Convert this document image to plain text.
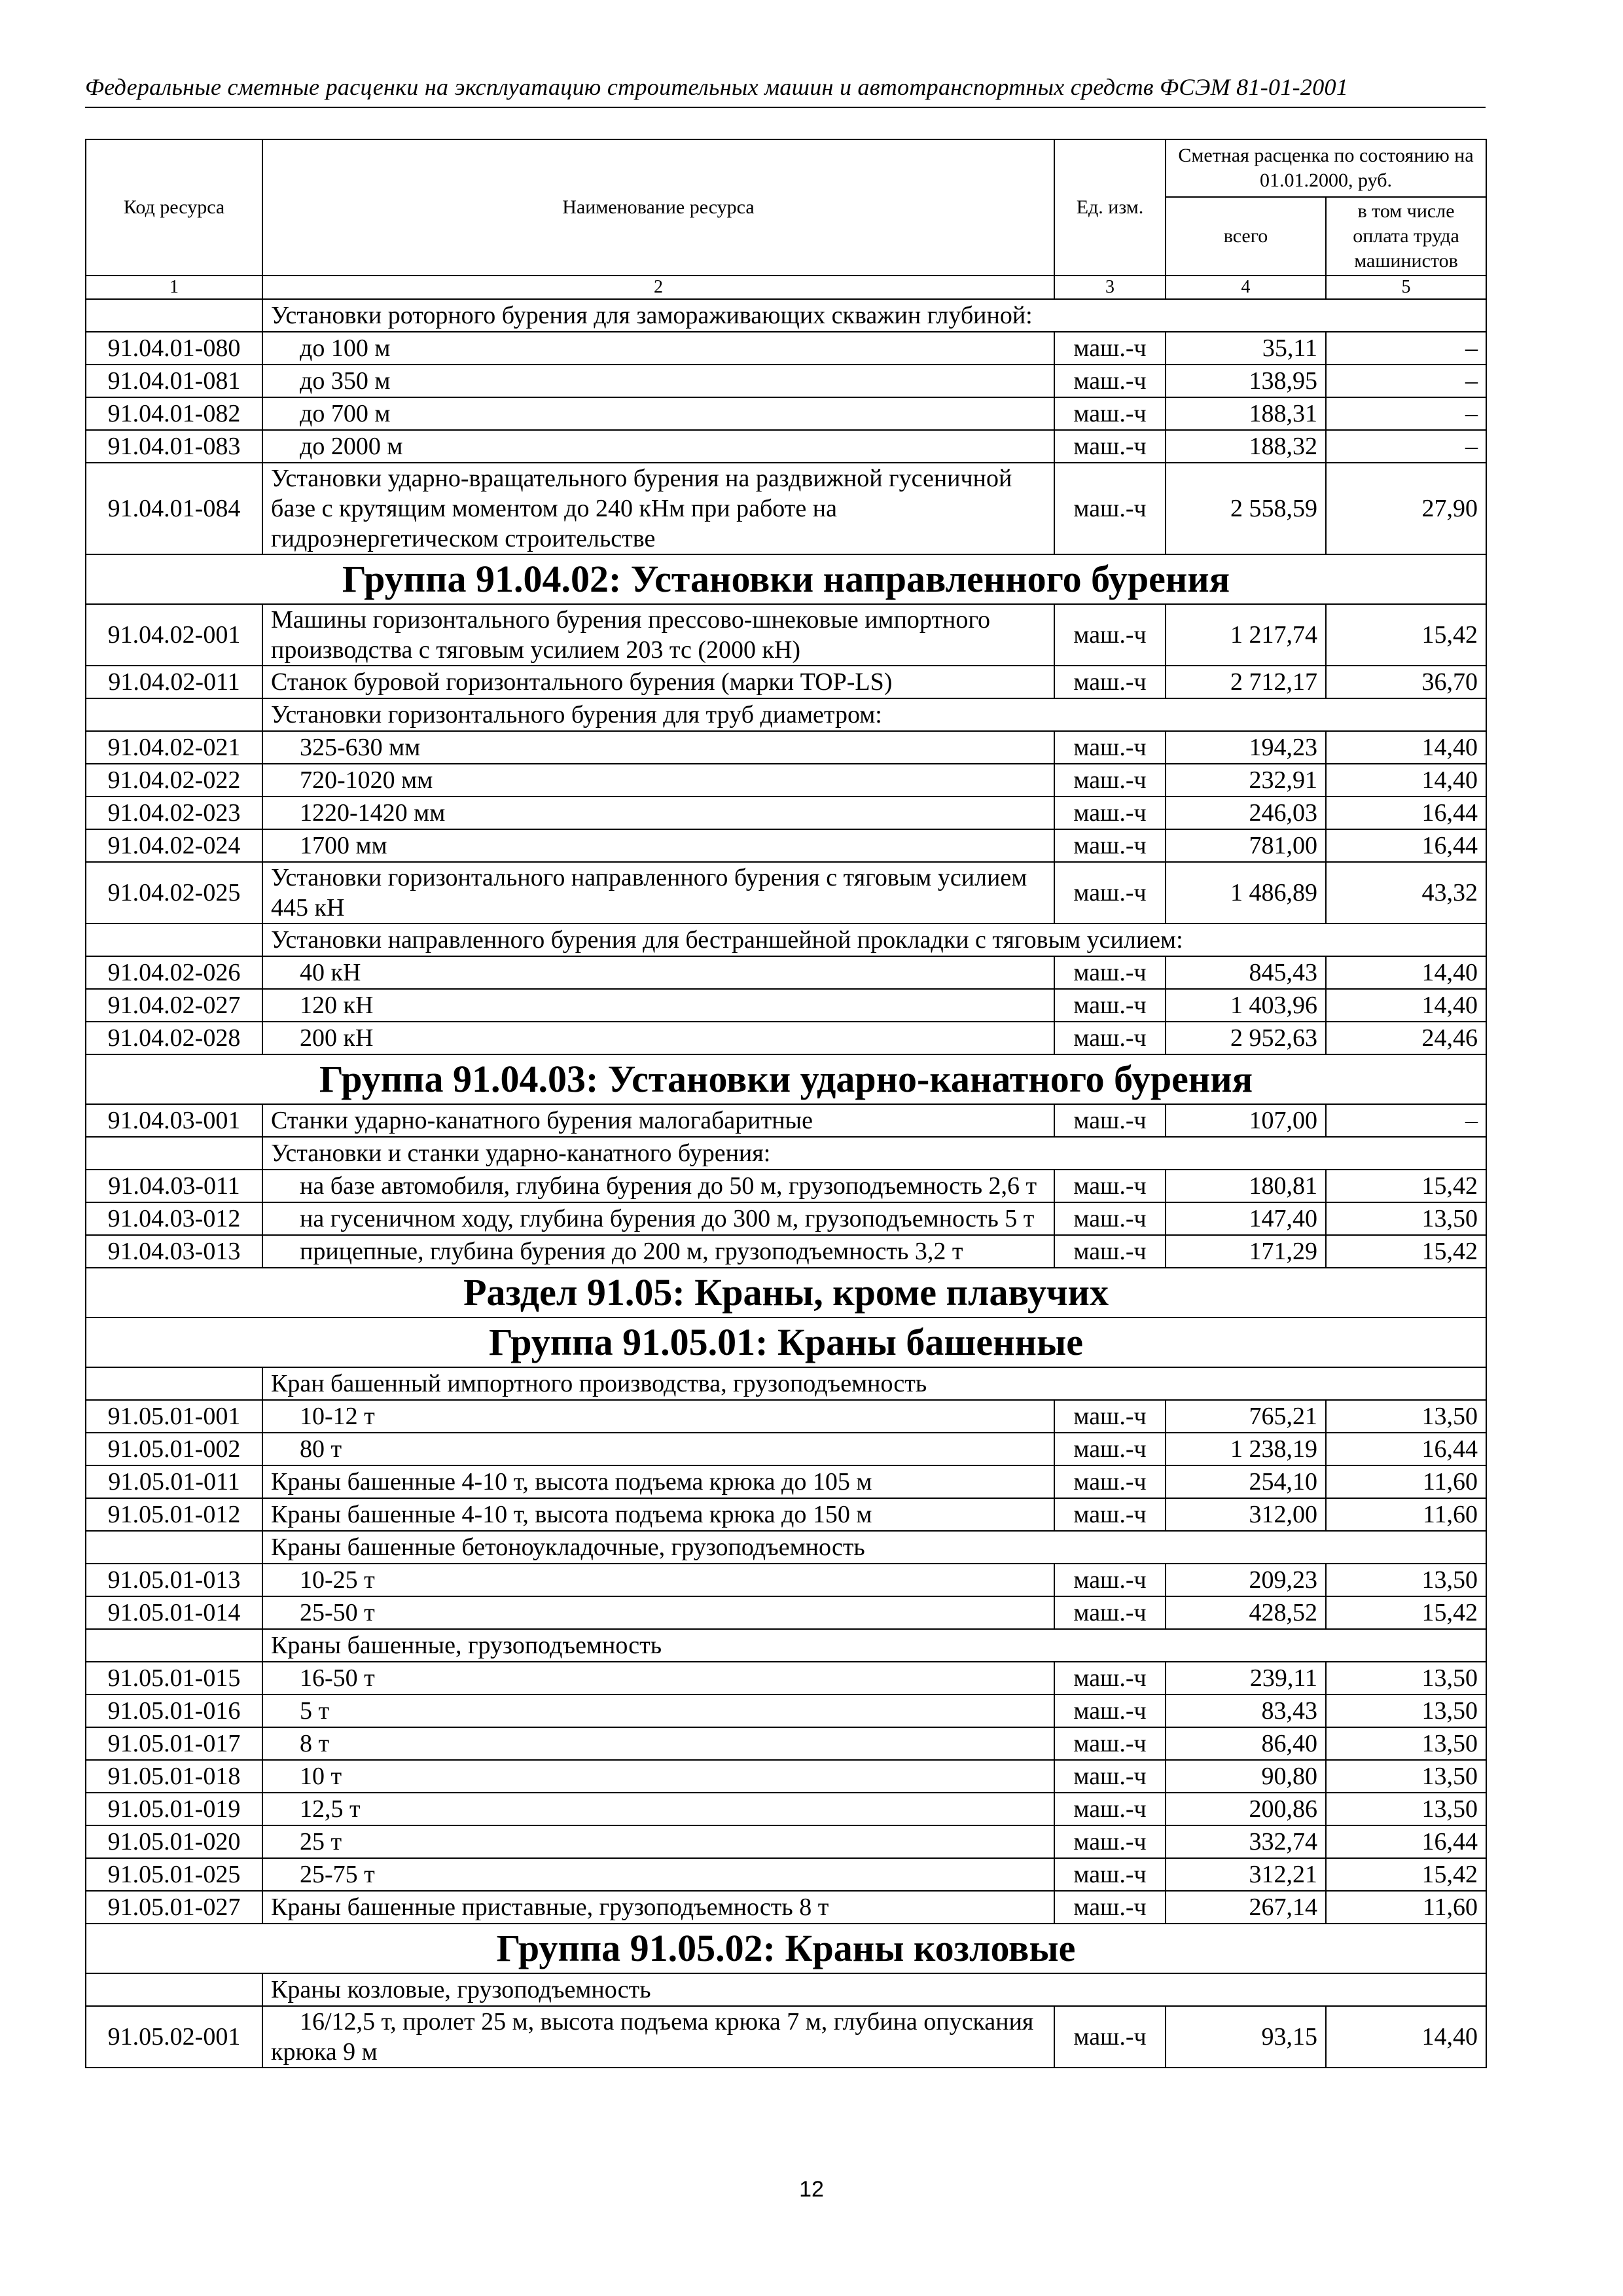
Федеральные сметные расценки на эксплуатацию строительных машин и автотранспортных средств ФСЭМ 81-01-2001
Код ресурса	Наименование ресурса	Ед. изм.	Сметная расценка по состоянию на 01.01.2000, руб.	
			всего	в том числе оплата труда машинистов
1	2	3	4	5
	Установки роторного бурения для замораживающих скважин глубиной:			
91.04.01-080	до 100 м	маш.-ч	35,11	–
91.04.01-081	до 350 м	маш.-ч	138,95	–
91.04.01-082	до 700 м	маш.-ч	188,31	–
91.04.01-083	до 2000 м	маш.-ч	188,32	–
91.04.01-084	Установки ударно-вращательного бурения на раздвижной гусеничной базе с крутящим моментом до 240 кНм при работе на гидроэнергетическом строительстве	маш.-ч	2 558,59	27,90
Группа 91.04.02: Установки направленного бурения				
91.04.02-001	Машины горизонтального бурения прессово-шнековые импортного производства с тяговым усилием 203 тс (2000 кН)	маш.-ч	1 217,74	15,42
91.04.02-011	Станок буровой горизонтального бурения (марки TOP-LS)	маш.-ч	2 712,17	36,70
	Установки горизонтального бурения для труб диаметром:			
91.04.02-021	325-630 мм	маш.-ч	194,23	14,40
91.04.02-022	720-1020 мм	маш.-ч	232,91	14,40
91.04.02-023	1220-1420 мм	маш.-ч	246,03	16,44
91.04.02-024	1700 мм	маш.-ч	781,00	16,44
91.04.02-025	Установки горизонтального направленного бурения с тяговым усилием 445 кН	маш.-ч	1 486,89	43,32
	Установки направленного бурения для бестраншейной прокладки с тяговым усилием:			
91.04.02-026	40 кН	маш.-ч	845,43	14,40
91.04.02-027	120 кН	маш.-ч	1 403,96	14,40
91.04.02-028	200 кН	маш.-ч	2 952,63	24,46
Группа 91.04.03: Установки ударно-канатного бурения				
91.04.03-001	Станки ударно-канатного бурения малогабаритные	маш.-ч	107,00	–
	Установки и станки ударно-канатного бурения:			
91.04.03-011	на базе автомобиля, глубина бурения до 50 м, грузоподъемность 2,6 т	маш.-ч	180,81	15,42
91.04.03-012	на гусеничном ходу, глубина бурения до 300 м, грузоподъемность 5 т	маш.-ч	147,40	13,50
91.04.03-013	прицепные, глубина бурения до 200 м, грузоподъемность 3,2 т	маш.-ч	171,29	15,42
Раздел 91.05: Краны, кроме плавучих				
Группа 91.05.01: Краны башенные				
	Кран башенный импортного производства, грузоподъемность			
91.05.01-001	10-12 т	маш.-ч	765,21	13,50
91.05.01-002	80 т	маш.-ч	1 238,19	16,44
91.05.01-011	Краны башенные 4-10 т, высота подъема крюка до 105 м	маш.-ч	254,10	11,60
91.05.01-012	Краны башенные 4-10 т, высота подъема крюка до 150 м	маш.-ч	312,00	11,60
	Краны башенные бетоноукладочные, грузоподъемность			
91.05.01-013	10-25 т	маш.-ч	209,23	13,50
91.05.01-014	25-50 т	маш.-ч	428,52	15,42
	Краны башенные, грузоподъемность			
91.05.01-015	16-50 т	маш.-ч	239,11	13,50
91.05.01-016	5 т	маш.-ч	83,43	13,50
91.05.01-017	8 т	маш.-ч	86,40	13,50
91.05.01-018	10 т	маш.-ч	90,80	13,50
91.05.01-019	12,5 т	маш.-ч	200,86	13,50
91.05.01-020	25 т	маш.-ч	332,74	16,44
91.05.01-025	25-75 т	маш.-ч	312,21	15,42
91.05.01-027	Краны башенные приставные, грузоподъемность 8 т	маш.-ч	267,14	11,60
Группа 91.05.02: Краны козловые				
	Краны козловые, грузоподъемность			
91.05.02-001	16/12,5 т, пролет 25 м, высота подъема крюка 7 м, глубина опускания крюка 9 м	маш.-ч	93,15	14,40
12
